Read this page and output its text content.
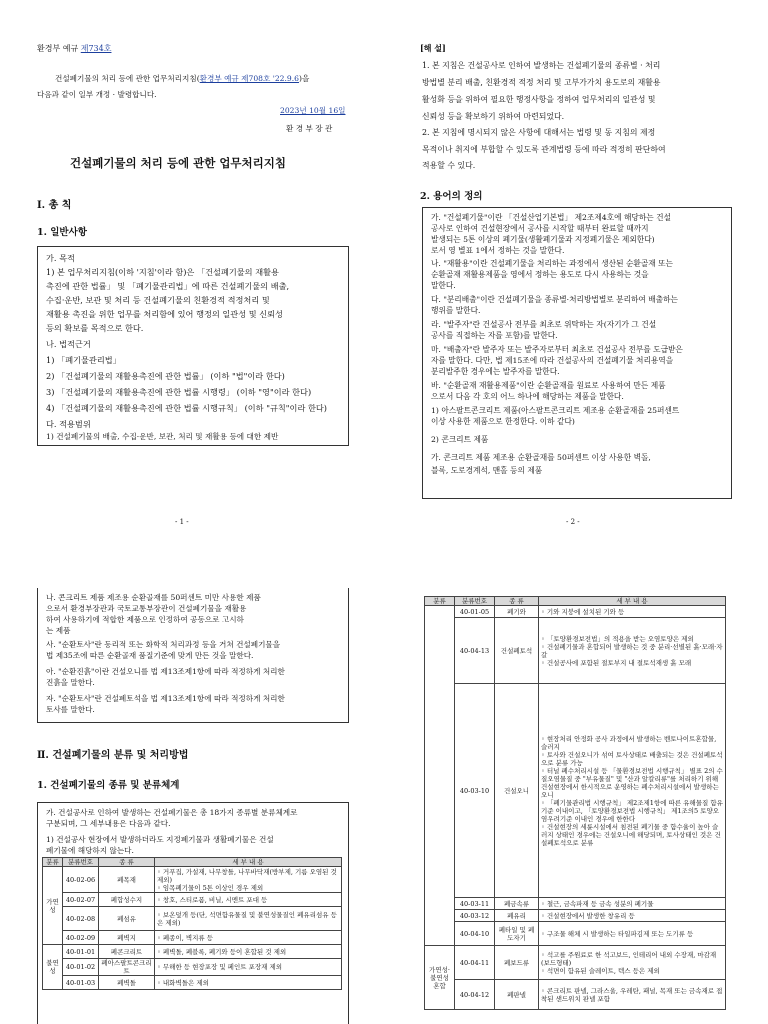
환경부 예규 제734호
건설폐기물의 처리 등에 관한 업무처리지침(환경부 예규 제708호 '22.9.6)을
다음과 같이 일부 개정 · 발령합니다.
2023년 10월 16일
환 경 부 장 관
건설폐기물의 처리 등에 관한 업무처리지침
Ⅰ. 총 칙
1. 일반사항
가. 목적
1) 본 업무처리지침(이하 '지침'이라 함)은 「건설폐기물의 재활용
촉진에 관한 법률」 및 「폐기물관리법」에 따른 건설폐기물의 배출,
수집·운반, 보관 및 처리 등 건설폐기물의 친환경적 적정처리 및
재활용 촉진을 위한 업무를 처리함에 있어 행정의 일관성 및 신뢰성
등의 확보를 목적으로 한다.
나. 법적근거
1) 「폐기물관리법」
2) 「건설폐기물의 재활용촉진에 관한 법률」 (이하 "법"이라 한다)
3) 「건설폐기물의 재활용촉진에 관한 법률 시행령」 (이하 "영"이라 한다)
4) 「건설폐기물의 재활용촉진에 관한 법률 시행규칙」 (이하 "규칙"이라 한다)
다. 적용범위
1) 건설폐기물의 배출, 수집·운반, 보관, 처리 및 재활용 등에 대한 제반
- 1 -
[해 설]
1. 본 지침은 건설공사로 인하여 발생하는 건설폐기물의 종류별 · 처리
방법별 분리 배출, 친환경적 적정 처리 및 고부가가치 용도로의 재활용
활성화 등을 위하여 필요한 행정사항을 정하여 업무처리의 일관성 및
신뢰성 등을 확보하기 위하여 마련되었다.
2. 본 지침에 명시되지 않은 사항에 대해서는 법령 및 동 지침의 제정
목적이나 취지에 부합할 수 있도록 관계법령 등에 따라 적정히 판단하여
적용할 수 있다.
2. 용어의 정의
가. "건설폐기물"이란 「건설산업기본법」 제2조제4호에 해당하는 건설
공사로 인하여 건설현장에서 공사를 시작할 때부터 완료할 때까지
발생되는 5톤 이상의 폐기물(생활폐기물과 지정폐기물은 제외한다)
로서 영 별표 1에서 정하는 것을 말한다.
나. "재활용"이란 건설폐기물을 처리하는 과정에서 생산된 순환골재 또는
순환골재 재활용제품을 영에서 정하는 용도로 다시 사용하는 것을
말한다.
다. "분리배출"이란 건설폐기물을 종류별·처리방법별로 분리하여 배출하는
행위를 말한다.
라. "발주자"란 건설공사 전부를 최초로 위탁하는 자(자기가 그 건설
공사를 직접하는 자를 포함)를 말한다.
마. "배출자"란 발주자 또는 발주자로부터 최초로 건설공사 전부를 도급받은
자를 말한다. 다만, 법 제15조에 따라 건설공사의 건설폐기물 처리용역을
분리발주한 경우에는 발주자를 말한다.
바. "순환골재 재활용제품"이란 순환골재를 원료로 사용하여 만든 제품
으로서 다음 각 호의 어느 하나에 해당하는 제품을 말한다.
1) 아스팔트콘크리트 제품(아스팔트콘크리트 제조용 순환골재를 25퍼센트
이상 사용한 제품으로 한정한다. 이하 같다)
2) 콘크리트 제품
가. 콘크리트 제품 제조용 순환골재를 50퍼센트 이상 사용한 벽돌,
블록, 도로경계석, 맨홀 등의 제품
- 2 -
나. 콘크리트 제품 제조용 순환골재를 50퍼센트 미만 사용한 제품
으로서 환경부장관과 국토교통부장관이 건설폐기물을 재활용
하여 사용하기에 적합한 제품으로 인정하여 공동으로 고시하
는 제품
사. "순환토사"란 동리적 또는 화학적 처리과정 등을 거쳐 건설폐기물을
법 제35조에 따른 순환골재 품질기준에 맞게 만든 것을 말한다.
아. "순환진흙"이란 건설오니를 법 제13조제1항에 따라 적정하게 처리한
진흙을 말한다.
자. "순환토사"란 건설폐토석을 법 제13조제1항에 따라 적정하게 처리한
토사를 말한다.
Ⅱ. 건설폐기물의 분류 및 처리방법
1. 건설폐기물의 종류 및 분류체계
가. 건설공사로 인하여 발생하는 건설폐기물은 총 18가지 종류별 분류체계로
구분되며, 그 세부내용은 다음과 같다.
1) 건설공사 현장에서 발생하더라도 지정폐기물과 생활폐기물은 건설
폐기물에 해당하지 않는다.
분류	분류번호	종 류	세 부 내 용
가연성	40-02-06	폐목재	◦ 거푸집, 가설재, 나무창틀, 나무바닥재(방부제, 기름 오염된 것 제외)
◦ 임목폐기물이 5톤 이상인 경우 제외
	40-02-07	폐합성수지	◦ 창호, 스티로폼, 비닐, 시멘트 포대 등
	40-02-08	폐섬유	◦ 보온덮개 등(단, 석면함유물질 및 불연성물질인 폐유리섬유 등은 제외)
	40-02-09	폐벽지	◦ 폐종이, 벽지류 등
불연성	40-01-01	폐콘크리트	◦ 폐벽돌, 폐블록, 폐기와 등이 혼합된 것 제외
	40-01-02	폐아스팔트콘크리트	◦ 무해한 등 현장포장 및 페인트 포장재 제외
	40-01-03	폐벽돌	◦ 내화벽돌은 제외
분류	분류번호	종 류	세 부 내 용
	40-01-05	폐기와	◦ 기와 지붕에 설치된 기와 등
	40-04-13	건설폐토석	◦ 「토양환경보전법」의 적용을 받는 오염토양은 제외
◦ 건설폐기물과 혼합되어 발생하는 것 중 분리·선별된 흙·모래·자갈
◦ 건설공사에 포함된 절토부지 내 절토석재생 흙 모래
	40-03-10	건설오니	◦ 현장처리 안정화 공사 과정에서 발생하는 벤토나이트혼합물, 슬러지
◦ 토사와 건설오니가 섞여 토사상태로 배출되는 것은 건설폐토석으로 분류 가능
◦ 터널 폐수처리시설 등 「물환경보전법 시행규칙」 별표 2의 수질오염물질 중 "부유물질" 및 "산과 알칼리류"를 처리하기 위해 건설현장에서 한시적으로 운영하는 폐수처리시설에서 발생하는 오니
◦ 「폐기물관리법 시행규칙」 제2조제1항에 따른 유해물질 함유기준 이내이고, 「토양환경보전법 시행규칙」 제1조의5 토양오염우려기준 이내인 경우에 한한다
◦ 건설현장의 세륜시설에서 침전된 폐기물 중 함수율이 높아 슬러지 상태인 경우에는 건설오니에 해당되며, 토사상태인 것은 건설폐토석으로 분류
	40-03-11	폐금속류	◦ 철근, 금속파재 등 금속 성분의 폐기물
	40-03-12	폐유리	◦ 건설현장에서 발생한 창유리 등
	40-04-10	폐타일 및 폐도자기	◦ 구조물 해체 시 발생하는 타일파김제 또는 도기류 등
가연성·불연성 혼합	40-04-11	폐보드류	◦ 석고를 주원료로 한 석고보드, 인테리어 내외 수장재, 마감재(보드형태)
◦ 석면이 함유된 슬레이트, 텍스 등은 제외
	40-04-12	폐판넬	◦ 콘크리트 판넬, 그라스울, 우레탄, 패널, 목재 또는 금속재로 접착된 샌드위치 판넬 포함
